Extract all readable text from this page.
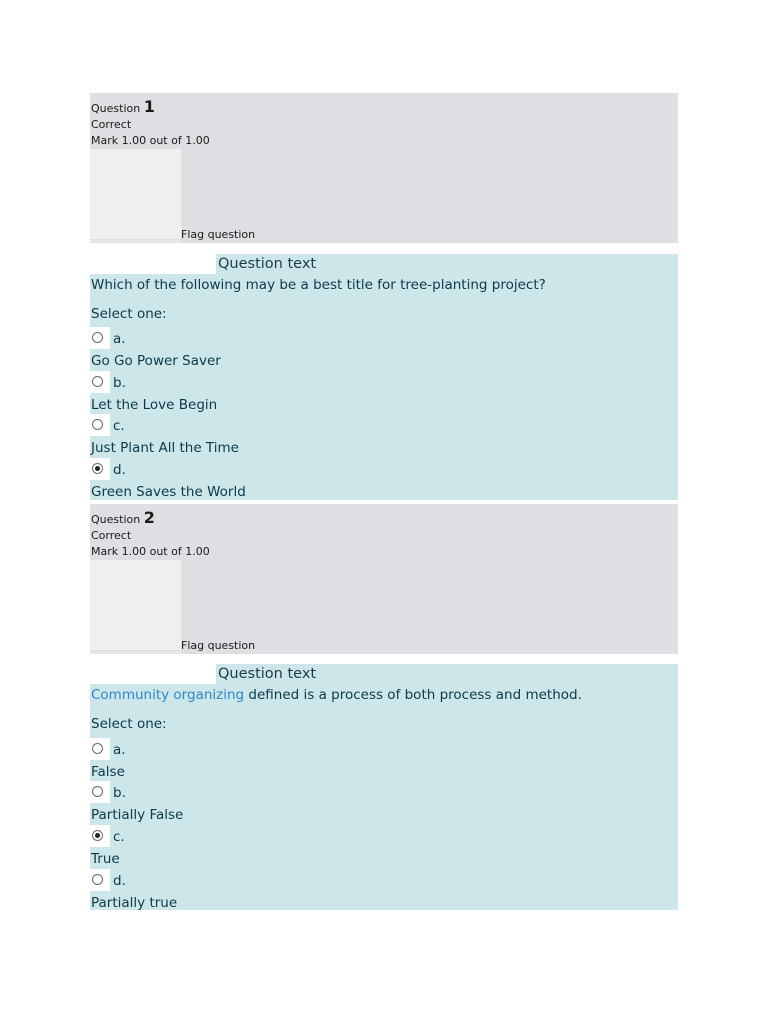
Question 1
Correct
Mark 1.00 out of 1.00
Flag question
Question text
Which of the following may be a best title for tree-planting project?
Select one:
a.
Go Go Power Saver
b.
Let the Love Begin
c.
Just Plant All the Time
d.
Green Saves the World
Question 2
Correct
Mark 1.00 out of 1.00
Flag question
Question text
Community organizing defined is a process of both process and method.
Select one:
a.
False
b.
Partially False
c.
True
d.
Partially true
